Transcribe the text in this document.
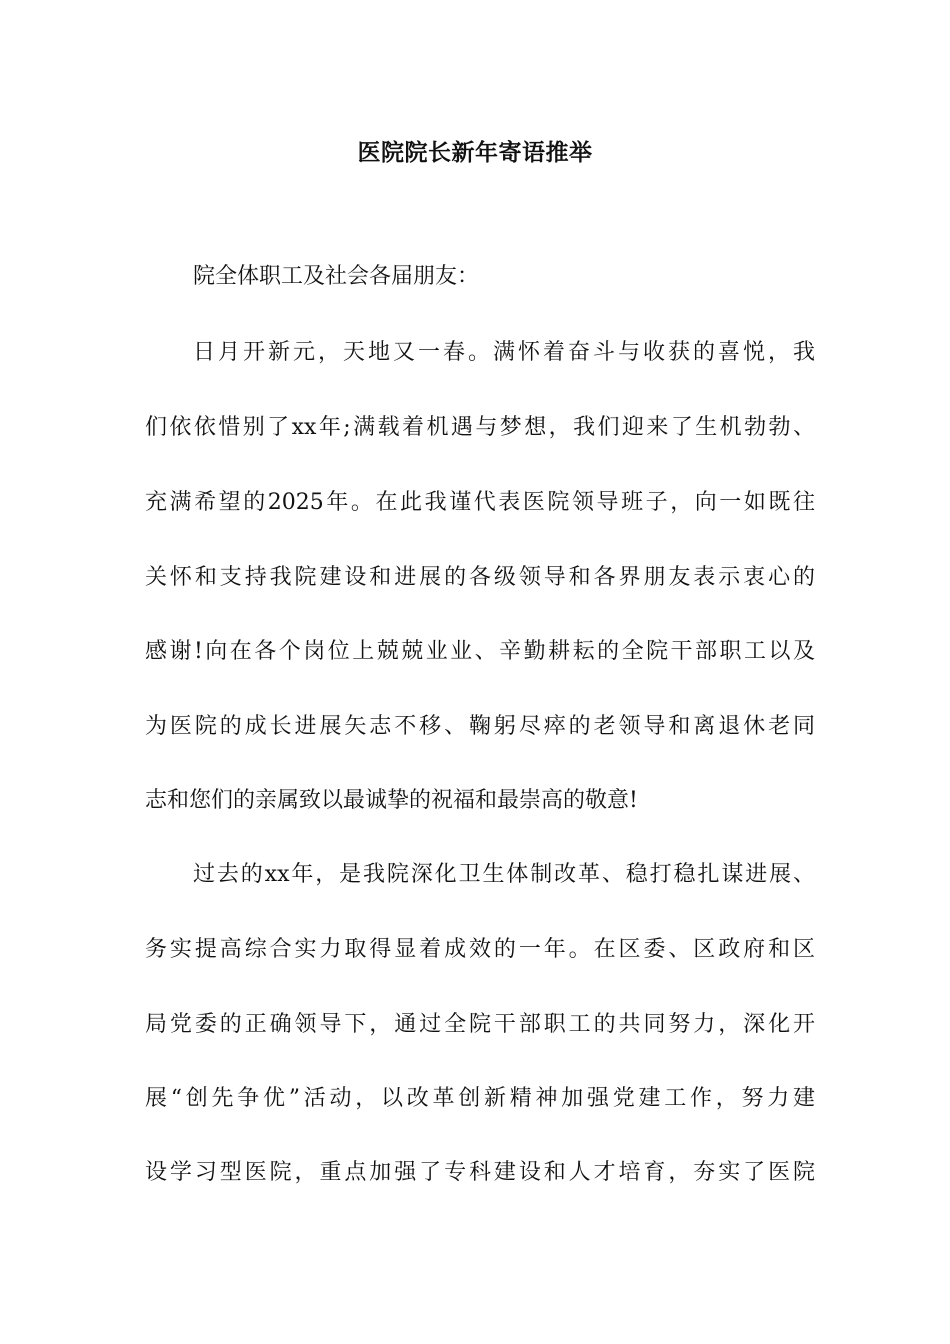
医院院长新年寄语推举
院全体职工及社会各届朋友：
日月开新元，天地又一春。满怀着奋斗与收获的喜悦，我
们依依惜别了xx年;满载着机遇与梦想，我们迎来了生机勃勃、
充满希望的2025年。在此我谨代表医院领导班子，向一如既往
关怀和支持我院建设和进展的各级领导和各界朋友表示衷心的
感谢!向在各个岗位上兢兢业业、辛勤耕耘的全院干部职工以及
为医院的成长进展矢志不移、鞠躬尽瘁的老领导和离退休老同
志和您们的亲属致以最诚挚的祝福和最崇高的敬意!
过去的xx年，是我院深化卫生体制改革、稳打稳扎谋进展、
务实提高综合实力取得显着成效的一年。在区委、区政府和区
局党委的正确领导下，通过全院干部职工的共同努力，深化开
展“创先争优”活动，以改革创新精神加强党建工作，努力建
设学习型医院，重点加强了专科建设和人才培育，夯实了医院
